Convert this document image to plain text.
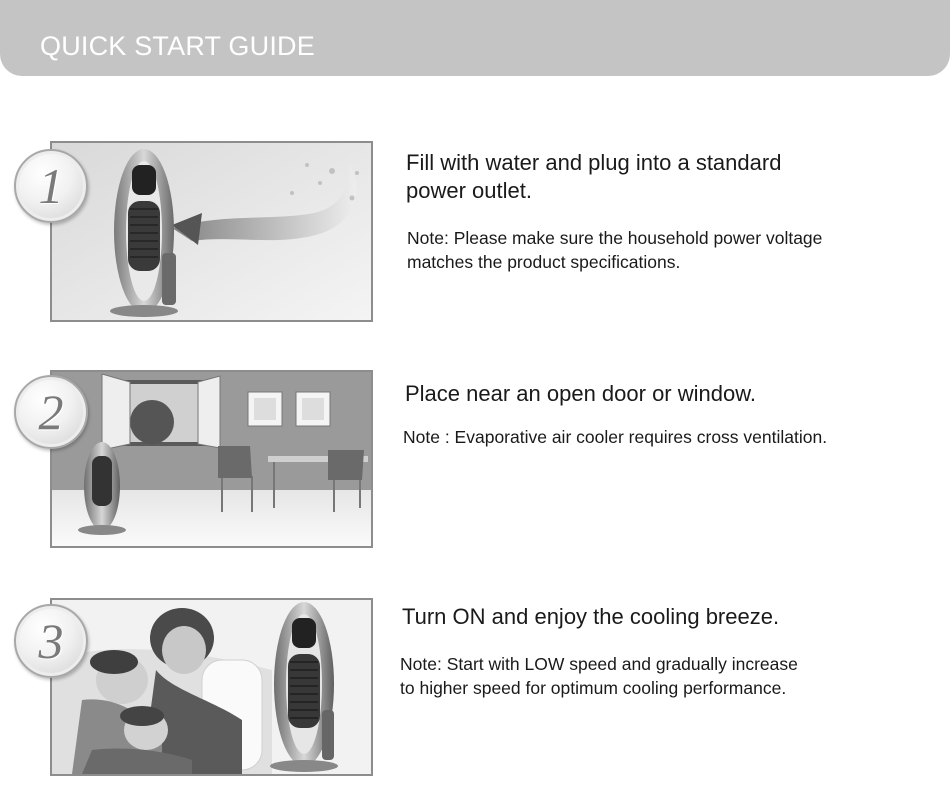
QUICK START GUIDE
1	Fill with water and plug into a standard
power outlet.

Note: Please make sure the household power voltage
matches the product specifications.

2	Place near an open door or window.

Note : Evaporative air cooler requires cross ventilation.

3	Turn ON and enjoy the cooling breeze.

Note: Start with LOW speed and gradually increase
to higher speed for optimum cooling performance.
